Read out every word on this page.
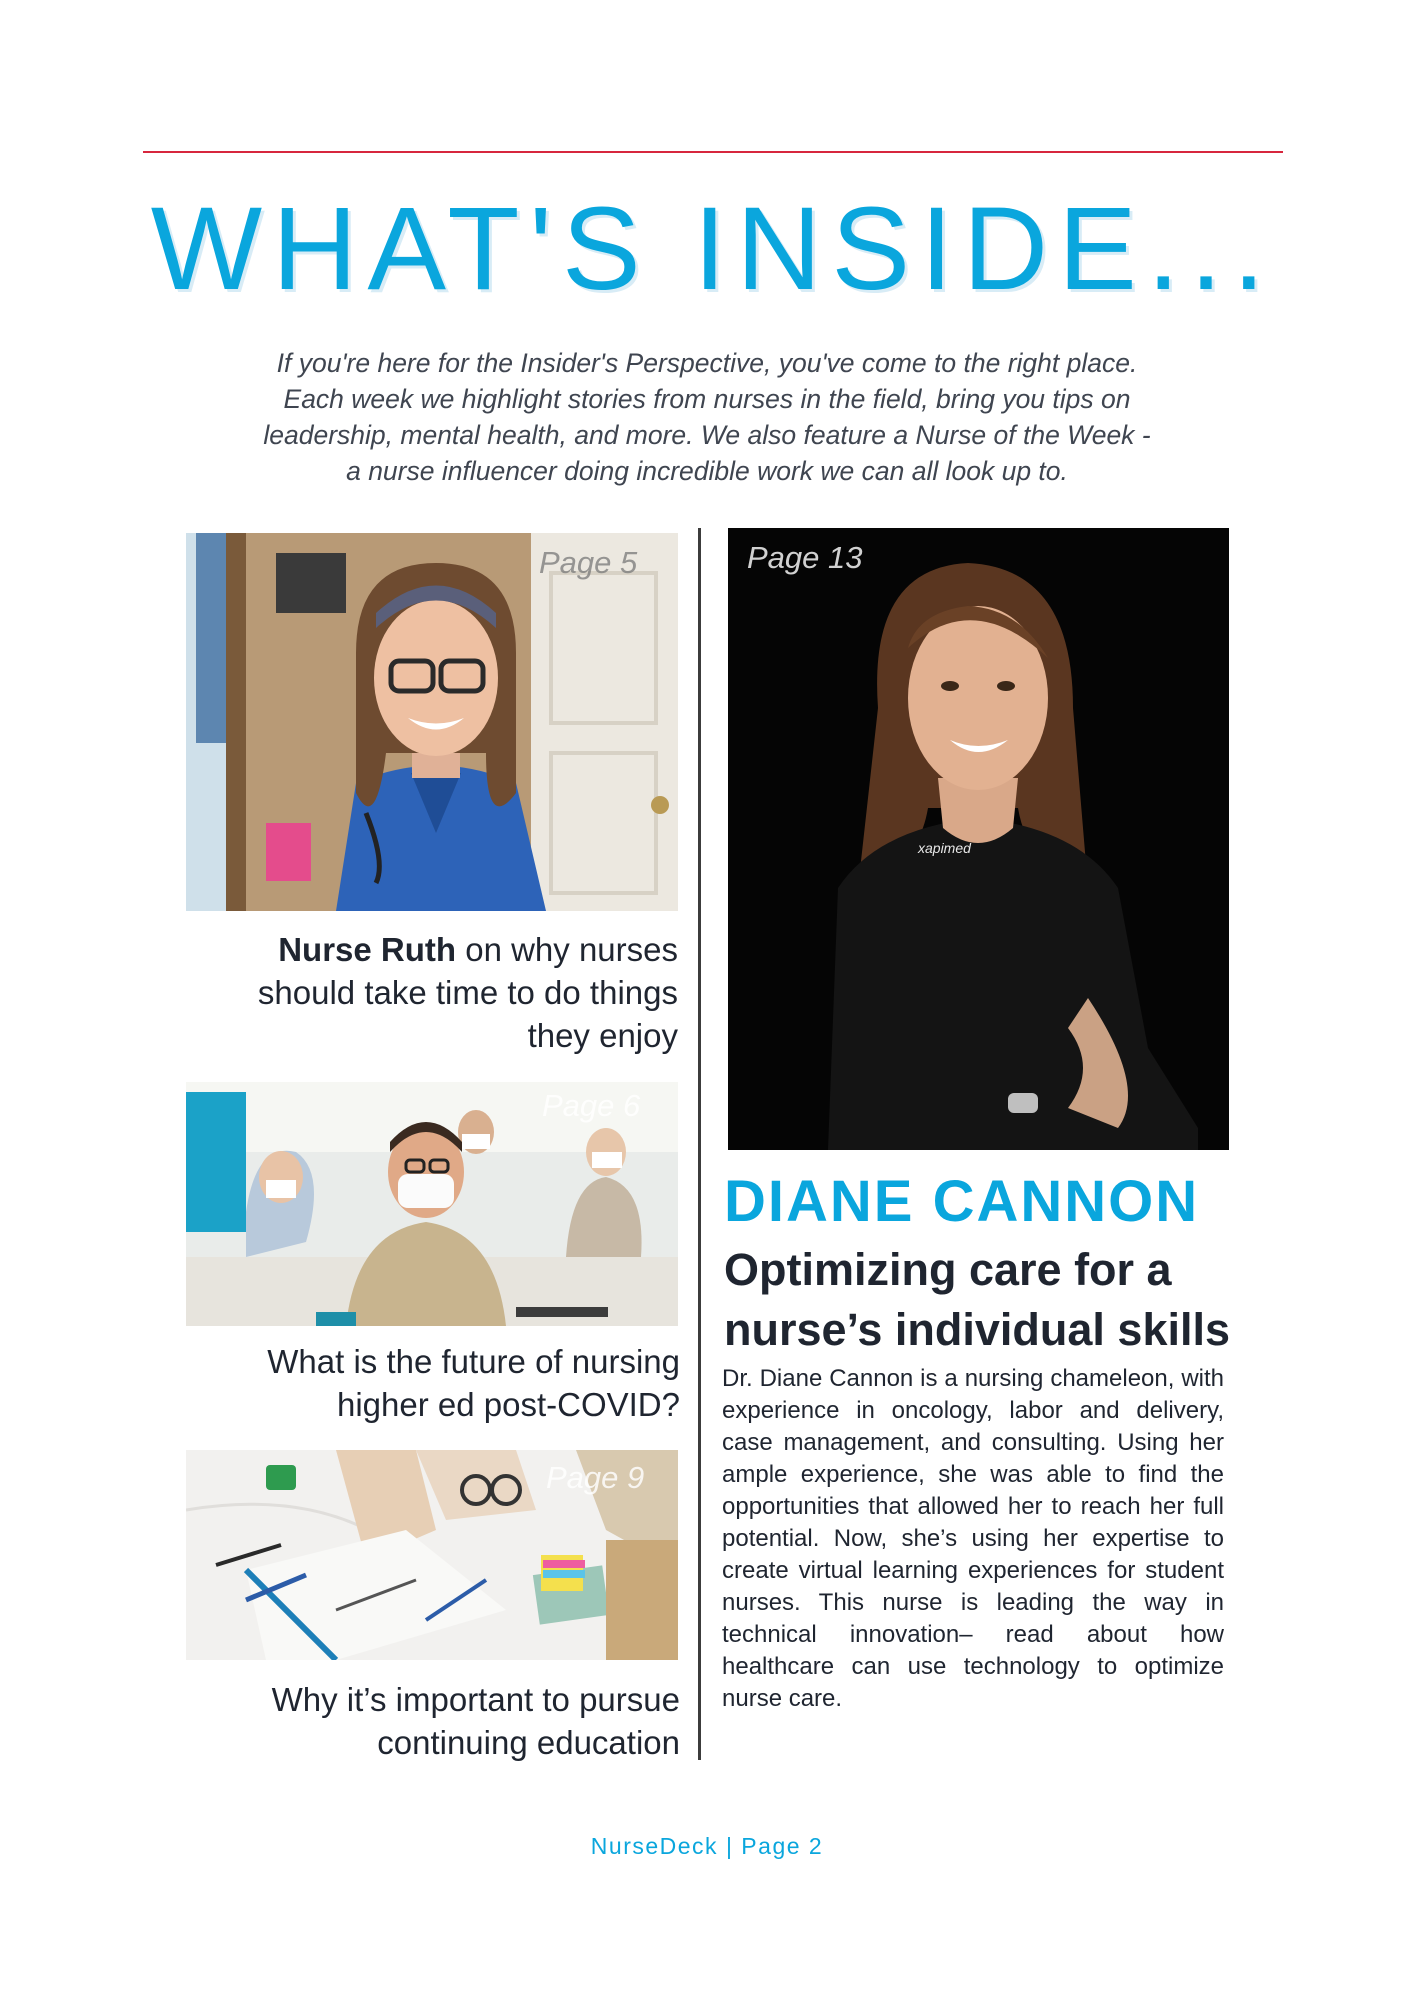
WHAT'S INSIDE...

If you're here for the Insider's Perspective, you've come to the right place.

Each week we highlight stories from nurses in the field, bring you tips on

leadership, mental health, and more. We also feature a Nurse of the Week -

a nurse influencer doing incredible work we can all look up to.

Page 5
Nurse Ruth on why nurses should take time to do things they enjoy
Page 6
What is the future of nursing higher ed post-COVID?
Page 9
Why it’s important to pursue continuing education
xapimed
Page 13
DIANE CANNON
Optimizing care for a nurse’s individual skills
Dr. Diane Cannon is a nursing chameleon, with experience in oncology, labor and delivery, case management, and consulting. Using her ample experience, she was able to find the opportunities that allowed her to reach her full potential. Now, she’s using her expertise to create virtual learning experiences for student nurses. This nurse is leading the way in technical innovation– read about how healthcare can use technology to optimize nurse care.
NurseDeck | Page 2
